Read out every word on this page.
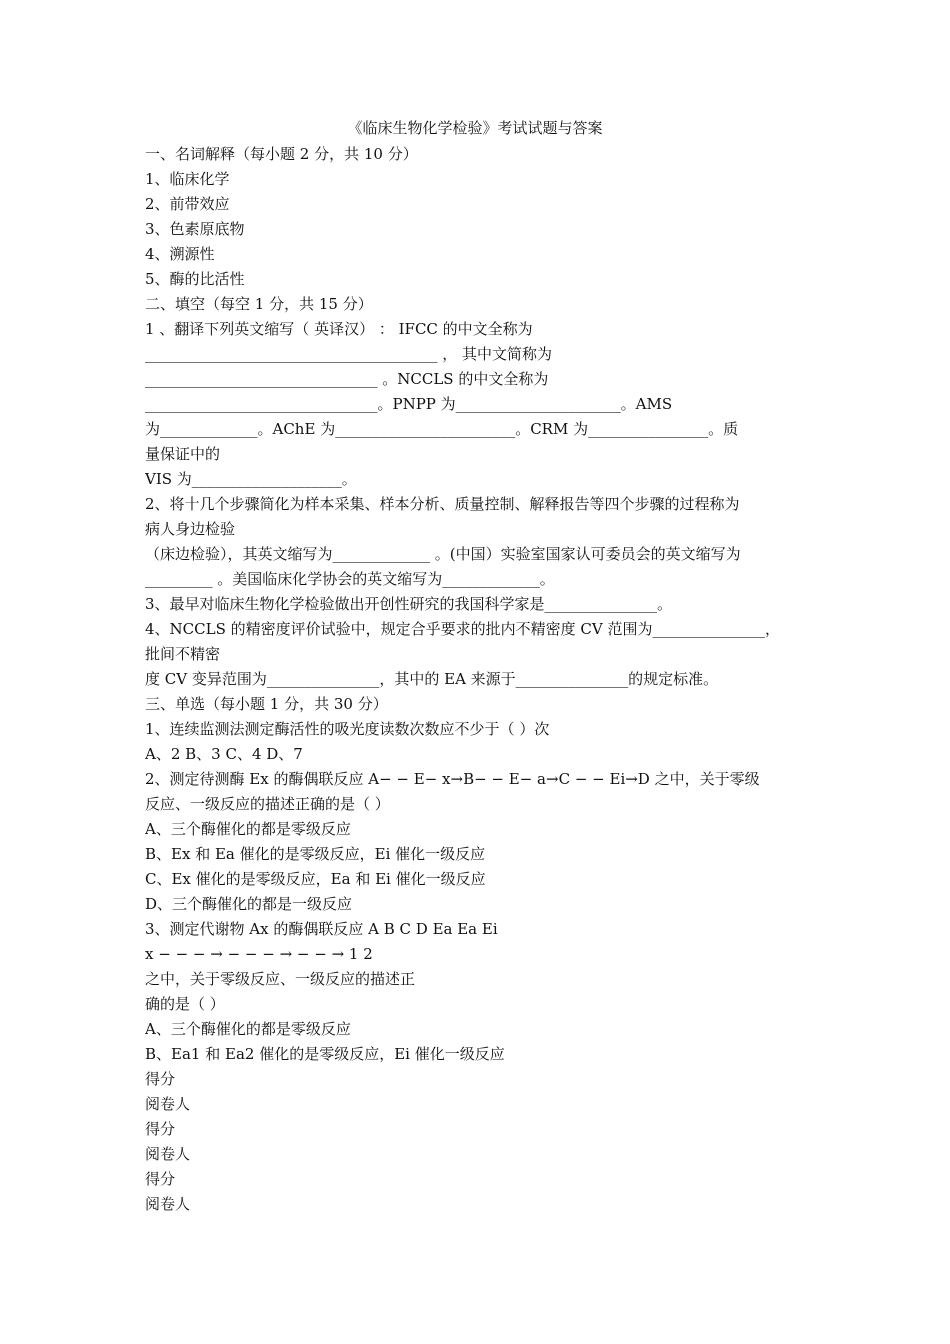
《临床生物化学检验》考试试题与答案
一、名词解释（每小题 2 分，共 10 分）
1、临床化学
2、前带效应
3、色素原底物
4、溯源性
5、酶的比活性
二、填空（每空 1 分，共 15 分）
1 、翻译下列英文缩写（ 英译汉） ： IFCC 的中文全称为
_______________________________________ ， 其中文简称为
_______________________________ 。NCCLS 的中文全称为
_______________________________。PNPP 为______________________。AMS
为_____________。AChE 为________________________。CRM 为________________。质
量保证中的
VIS 为____________________。
2、将十几个步骤简化为样本采集、样本分析、质量控制、解释报告等四个步骤的过程称为
病人身边检验
（床边检验），其英文缩写为_____________ 。(中国）实验室国家认可委员会的英文缩写为
_________ 。美国临床化学协会的英文缩写为_____________。
3、最早对临床生物化学检验做出开创性研究的我国科学家是_______________。
4、NCCLS 的精密度评价试验中，规定合乎要求的批内不精密度 CV 范围为_______________，
批间不精密
度 CV 变异范围为_______________，其中的 EA 来源于_______________的规定标准。
三、单选（每小题 1 分，共 30 分）
1、连续监测法测定酶活性的吸光度读数次数应不少于（ ）次
A、2 B、3 C、4 D、7
2、测定待测酶 Ex 的酶偶联反应 A− − E− x→B− − E− a→C − − Ei→D 之中，关于零级
反应、一级反应的描述正确的是（ ）
A、三个酶催化的都是零级反应
B、Ex 和 Ea 催化的是零级反应，Ei 催化一级反应
C、Ex 催化的是零级反应，Ea 和 Ei 催化一级反应
D、三个酶催化的都是一级反应
3、测定代谢物 Ax 的酶偶联反应 A B C D Ea Ea Ei
x − − − → − − − → − − → 1 2
之中，关于零级反应、一级反应的描述正
确的是（ ）
A、三个酶催化的都是零级反应
B、Ea1 和 Ea2 催化的是零级反应，Ei 催化一级反应
得分
阅卷人
得分
阅卷人
得分
阅卷人
